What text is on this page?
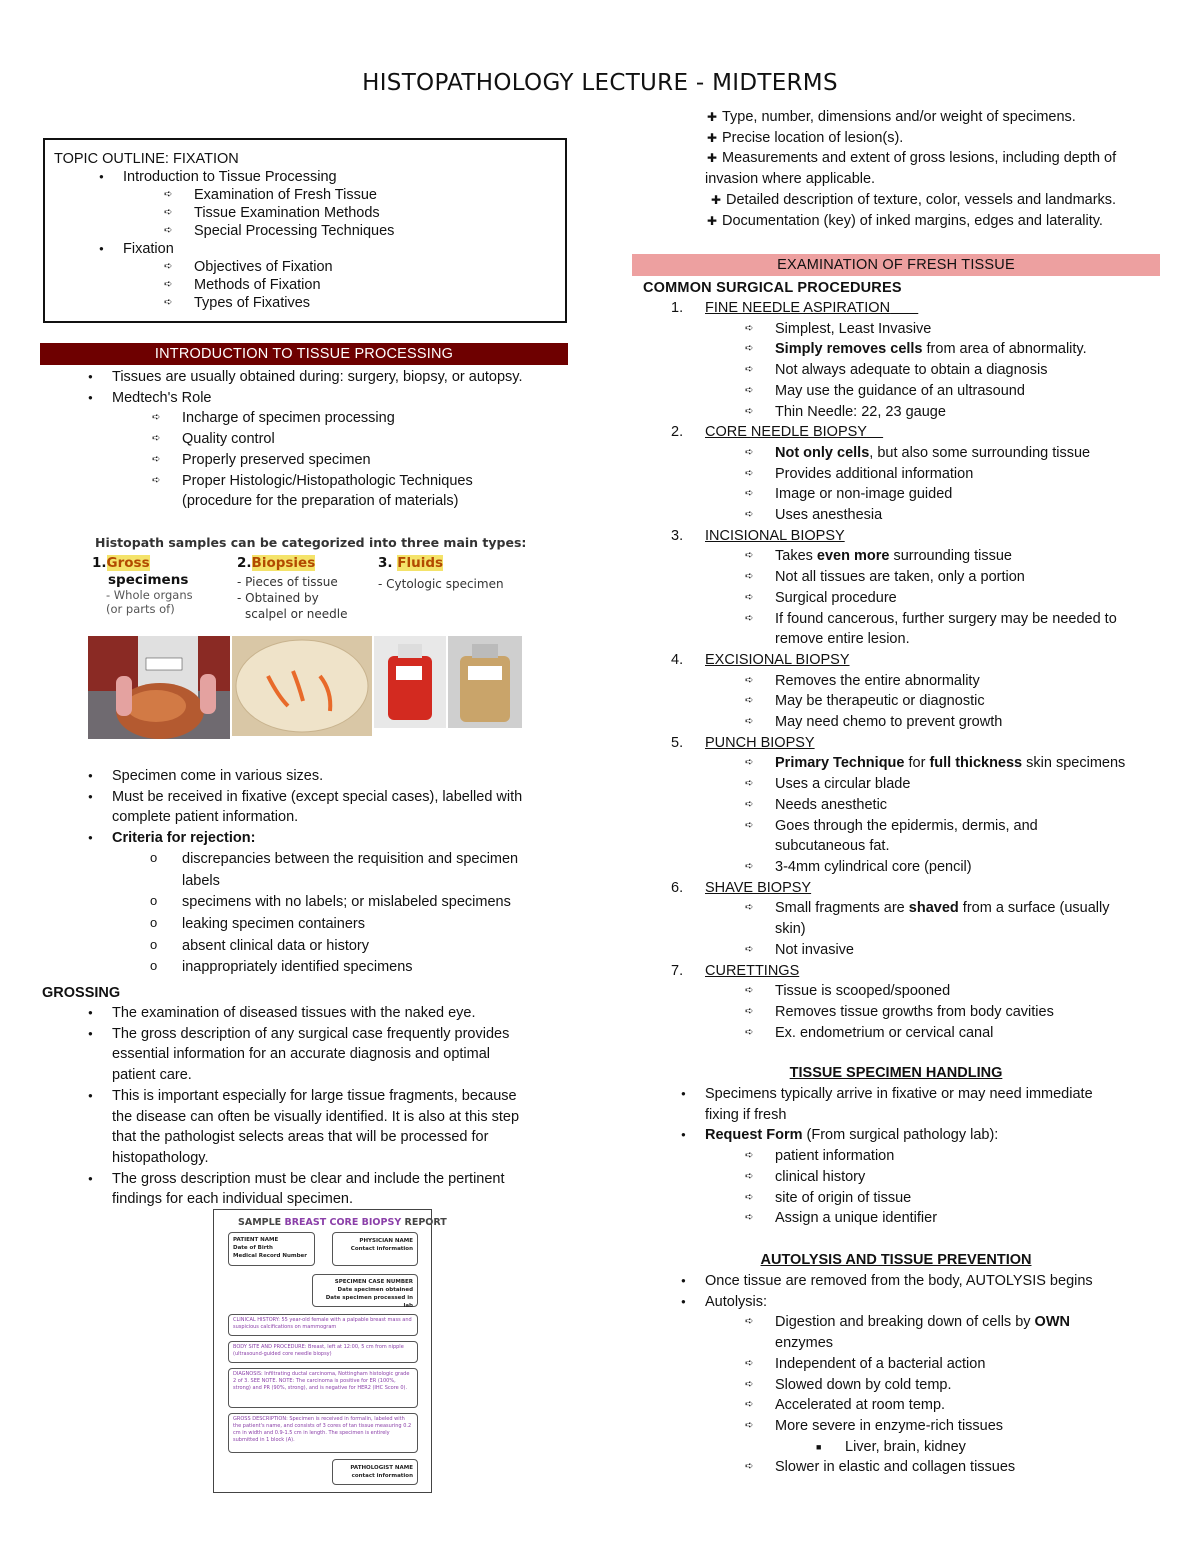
HISTOPATHOLOGY LECTURE - MIDTERMS
TOPIC OUTLINE: FIXATION
● Introduction to Tissue Processing
➪ Examination of Fresh Tissue
➪ Tissue Examination Methods
➪ Special Processing Techniques
● Fixation
➪ Objectives of Fixation
➪ Methods of Fixation
➪ Types of Fixatives
INTRODUCTION TO TISSUE PROCESSING
● Tissues are usually obtained during: surgery, biopsy, or autopsy.
● Medtech's Role
➪ Incharge of specimen processing
➪ Quality control
➪ Properly preserved specimen
➪ Proper Histologic/Histopathologic Techniques
(procedure for the preparation of materials)
Histopath samples can be categorized into three main types:
1.Gross
specimens
- Whole organs
(or parts of)
2.Biopsies
- Pieces of tissue
- Obtained by
scalpel or needle
3. Fluids
- Cytologic specimen
● Specimen come in various sizes.
● Must be received in fixative (except special cases), labelled with
complete patient information.
● Criteria for rejection:
o discrepancies between the requisition and specimen
labels
o specimens with no labels; or mislabeled specimens
o leaking specimen containers
o absent clinical data or history
o inappropriately identified specimens
GROSSING
● The examination of diseased tissues with the naked eye.
● The gross description of any surgical case frequently provides
essential information for an accurate diagnosis and optimal
patient care.
● This is important especially for large tissue fragments, because
the disease can often be visually identified. It is also at this step
that the pathologist selects areas that will be processed for
histopathology.
● The gross description must be clear and include the pertinent
findings for each individual specimen.
SAMPLE BREAST CORE BIOPSY REPORT
PATIENT NAME
Date of Birth
Medical Record Number
PHYSICIAN NAME
Contact information
SPECIMEN CASE NUMBER
Date specimen obtained
Date specimen processed in lab
CLINICAL HISTORY: 55 year-old female with a palpable breast mass and suspicious calcifications on mammogram
BODY SITE AND PROCEDURE: Breast, left at 12:00, 5 cm from nipple (ultrasound-guided core needle biopsy)
DIAGNOSIS: Infiltrating ductal carcinoma, Nottingham histologic grade 2 of 3. SEE NOTE. NOTE: The carcinoma is positive for ER (100%, strong) and PR (90%, strong), and is negative for HER2 (IHC Score 0).
GROSS DESCRIPTION: Specimen is received in formalin, labeled with the patient's name, and consists of 3 cores of tan tissue measuring 0.2 cm in width and 0.9-1.5 cm in length. The specimen is entirely submitted in 1 block (A).
PATHOLOGIST NAME
contact information
✚ Type, number, dimensions and/or weight of specimens.
✚ Precise location of lesion(s).
✚ Measurements and extent of gross lesions, including depth of
invasion where applicable.
✚ Detailed description of texture, color, vessels and landmarks.
✚ Documentation (key) of inked margins, edges and laterality.
EXAMINATION OF FRESH TISSUE
COMMON SURGICAL PROCEDURES
1. FINE NEEDLE ASPIRATION
➪ Simplest, Least Invasive
➪ Simply removes cells from area of abnormality.
➪ Not always adequate to obtain a diagnosis
➪ May use the guidance of an ultrasound
➪ Thin Needle: 22, 23 gauge
2. CORE NEEDLE BIOPSY
➪ Not only cells, but also some surrounding tissue
➪ Provides additional information
➪ Image or non-image guided
➪ Uses anesthesia
3. INCISIONAL BIOPSY
➪ Takes even more surrounding tissue
➪ Not all tissues are taken, only a portion
➪ Surgical procedure
➪ If found cancerous, further surgery may be needed to
remove entire lesion.
4. EXCISIONAL BIOPSY
➪ Removes the entire abnormality
➪ May be therapeutic or diagnostic
➪ May need chemo to prevent growth
5. PUNCH BIOPSY
➪ Primary Technique for full thickness skin specimens
➪ Uses a circular blade
➪ Needs anesthetic
➪ Goes through the epidermis, dermis, and
subcutaneous fat.
➪ 3-4mm cylindrical core (pencil)
6. SHAVE BIOPSY
➪ Small fragments are shaved from a surface (usually
skin)
➪ Not invasive
7. CURETTINGS
➪ Tissue is scooped/spooned
➪ Removes tissue growths from body cavities
➪ Ex. endometrium or cervical canal
TISSUE SPECIMEN HANDLING
● Specimens typically arrive in fixative or may need immediate
fixing if fresh
● Request Form (From surgical pathology lab):
➪ patient information
➪ clinical history
➪ site of origin of tissue
➪ Assign a unique identifier
AUTOLYSIS AND TISSUE PREVENTION
● Once tissue are removed from the body, AUTOLYSIS begins
● Autolysis:
➪ Digestion and breaking down of cells by OWN
enzymes
➪ Independent of a bacterial action
➪ Slowed down by cold temp.
➪ Accelerated at room temp.
➪ More severe in enzyme-rich tissues
■ Liver, brain, kidney
➪ Slower in elastic and collagen tissues
